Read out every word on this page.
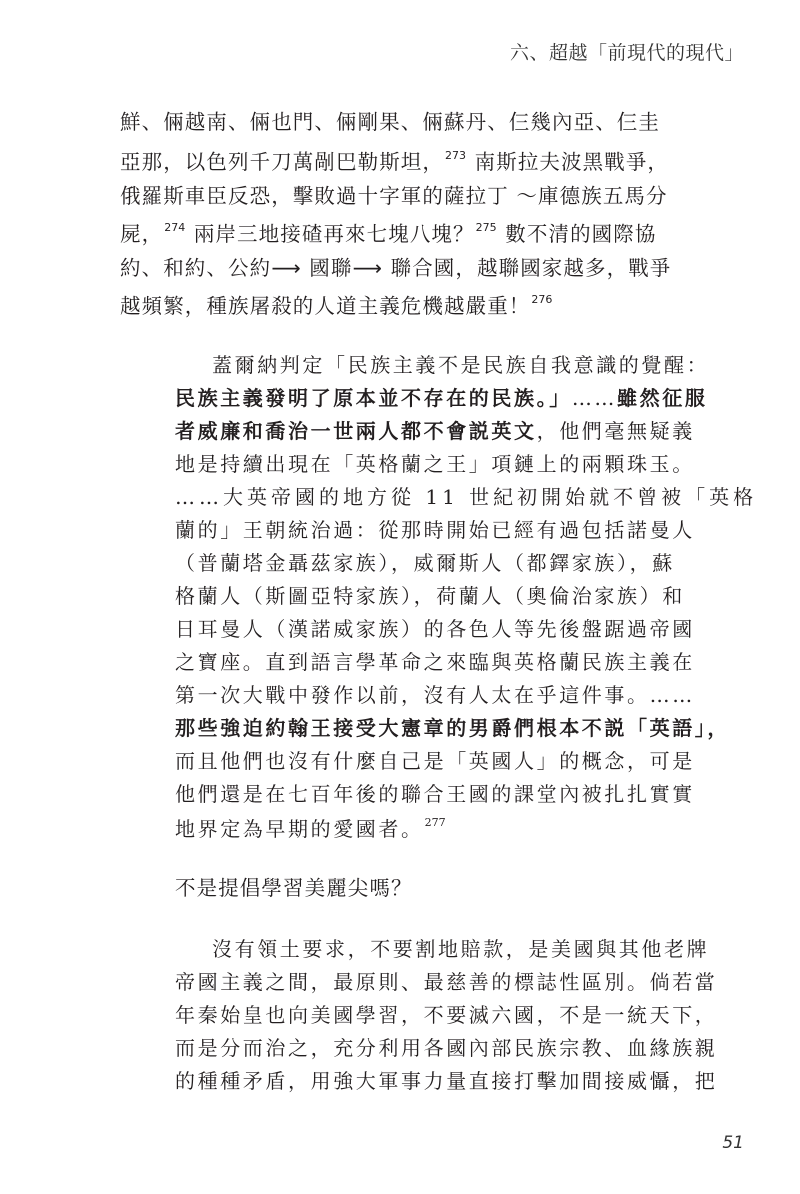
六、超越「前現代的現代」
鮮、倆越南、倆也門、倆剛果、倆蘇丹、仨幾內亞、仨圭
亞那，以色列千刀萬剮巴勒斯坦，$^{273}$ 南斯拉夫波黑戰爭，
俄羅斯車臣反恐，擊敗過十字軍的薩拉丁 ～庫德族五馬分
屍，$^{274}$ 兩岸三地接碴再來七塊八塊？$^{275}$ 數不清的國際協
約、和約、公約⟶ 國聯⟶ 聯合國，越聯國家越多，戰爭
越頻繁，種族屠殺的人道主義危機越嚴重！$^{276}$
蓋爾納判定「民族主義不是民族自我意識的覺醒：
民族主義發明了原本並不存在的民族。」……雖然征服
者威廉和喬治一世兩人都不會説英文，他們毫無疑義
地是持續出現在「英格蘭之王」項鏈上的兩顆珠玉。
……大英帝國的地方從 11 世紀初開始就不曾被「英格
蘭的」王朝統治過：從那時開始已經有過包括諾曼人
（普蘭塔金聶茲家族），威爾斯人（都鐸家族），蘇
格蘭人（斯圖亞特家族），荷蘭人（奧倫治家族）和
日耳曼人（漢諾威家族）的各色人等先後盤踞過帝國
之寶座。直到語言學革命之來臨與英格蘭民族主義在
第一次大戰中發作以前，沒有人太在乎這件事。……
那些強迫約翰王接受大憲章的男爵們根本不説「英語」，
而且他們也沒有什麼自己是「英國人」的概念，可是
他們還是在七百年後的聯合王國的課堂內被扎扎實實
地界定為早期的愛國者。$^{277}$
不是提倡學習美麗尖嗎？
沒有領土要求，不要割地賠款，是美國與其他老牌
帝國主義之間，最原則、最慈善的標誌性區別。倘若當
年秦始皇也向美國學習，不要滅六國，不是一統天下，
而是分而治之，充分利用各國內部民族宗教、血緣族親
的種種矛盾，用強大軍事力量直接打擊加間接威懾，把
51
